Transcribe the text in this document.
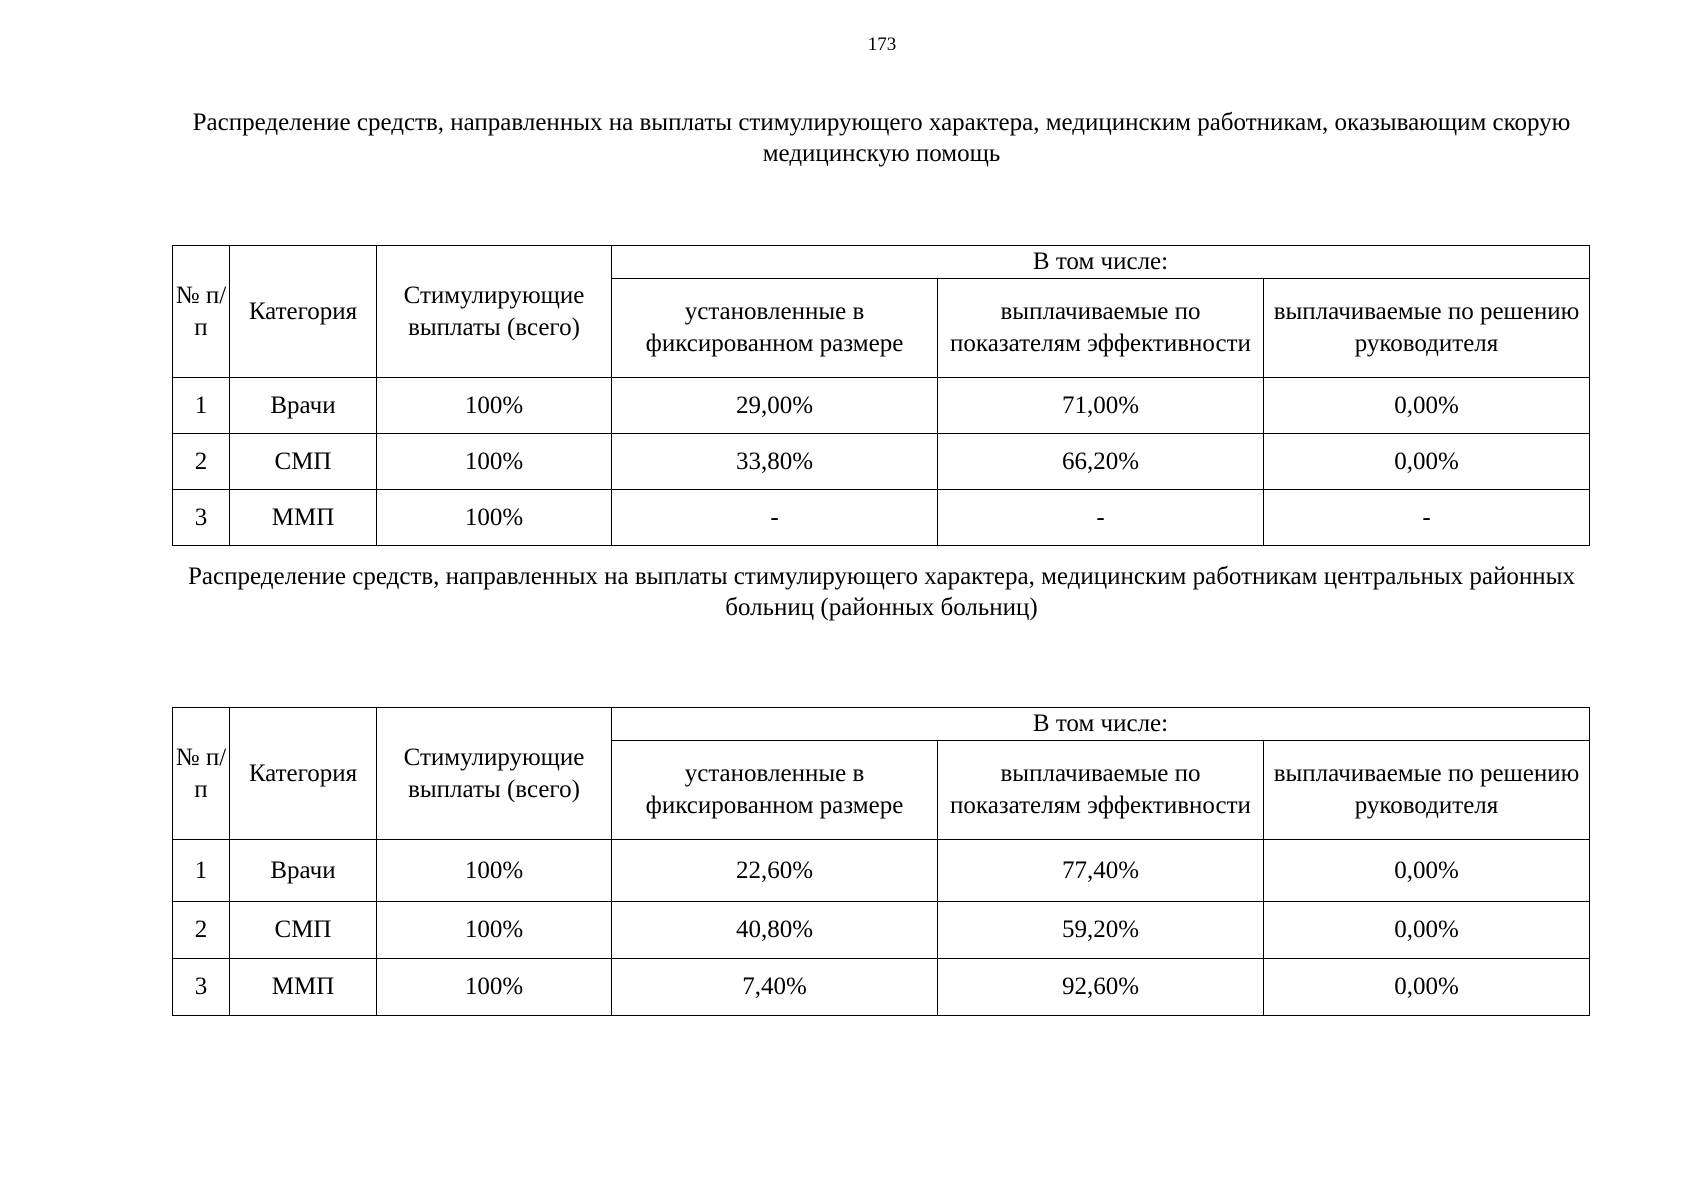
173
Распределение средств, направленных на выплаты стимулирующего характера, медицинским работникам, оказывающим скорую медицинскую помощь
№ п/п	Категория	Стимулирующие выплаты (всего)	В том числе:		
			установленные в фиксированном размере	выплачиваемые по показателям эффективности	выплачиваемые по решению руководителя
1	Врачи	100%	29,00%	71,00%	0,00%
2	СМП	100%	33,80%	66,20%	0,00%
3	ММП	100%	-	-	-
Распределение средств, направленных на выплаты стимулирующего характера, медицинским работникам центральных районных больниц (районных больниц)
№ п/п	Категория	Стимулирующие выплаты (всего)	В том числе:		
			установленные в фиксированном размере	выплачиваемые по показателям эффективности	выплачиваемые по решению руководителя
1	Врачи	100%	22,60%	77,40%	0,00%
2	СМП	100%	40,80%	59,20%	0,00%
3	ММП	100%	7,40%	92,60%	0,00%
